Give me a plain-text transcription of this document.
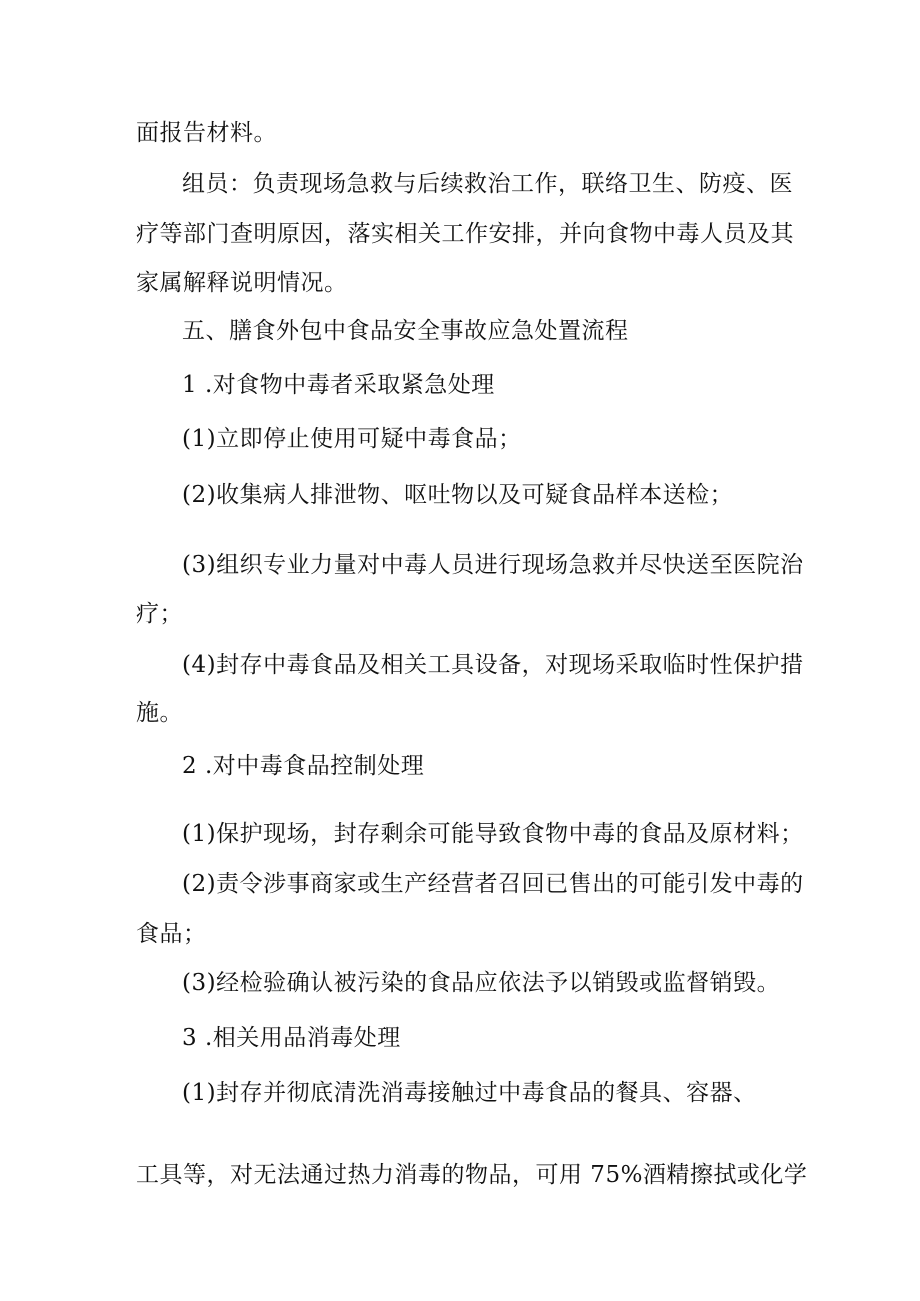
面报告材料。

组员：负责现场急救与后续救治工作，联络卫生、防疫、医

疗等部门查明原因，落实相关工作安排，并向食物中毒人员及其

家属解释说明情况。

五、膳食外包中食品安全事故应急处置流程

1 .对食物中毒者采取紧急处理

(1)立即停止使用可疑中毒食品；

(2)收集病人排泄物、呕吐物以及可疑食品样本送检；

(3)组织专业力量对中毒人员进行现场急救并尽快送至医院治

疗；

(4)封存中毒食品及相关工具设备，对现场采取临时性保护措

施。

2 .对中毒食品控制处理

(1)保护现场，封存剩余可能导致食物中毒的食品及原材料；

(2)责令涉事商家或生产经营者召回已售出的可能引发中毒的

食品；

(3)经检验确认被污染的食品应依法予以销毁或监督销毁。

3 .相关用品消毒处理

(1)封存并彻底清洗消毒接触过中毒食品的餐具、容器、

工具等，对无法通过热力消毒的物品，可用 75%酒精擦拭或化学
